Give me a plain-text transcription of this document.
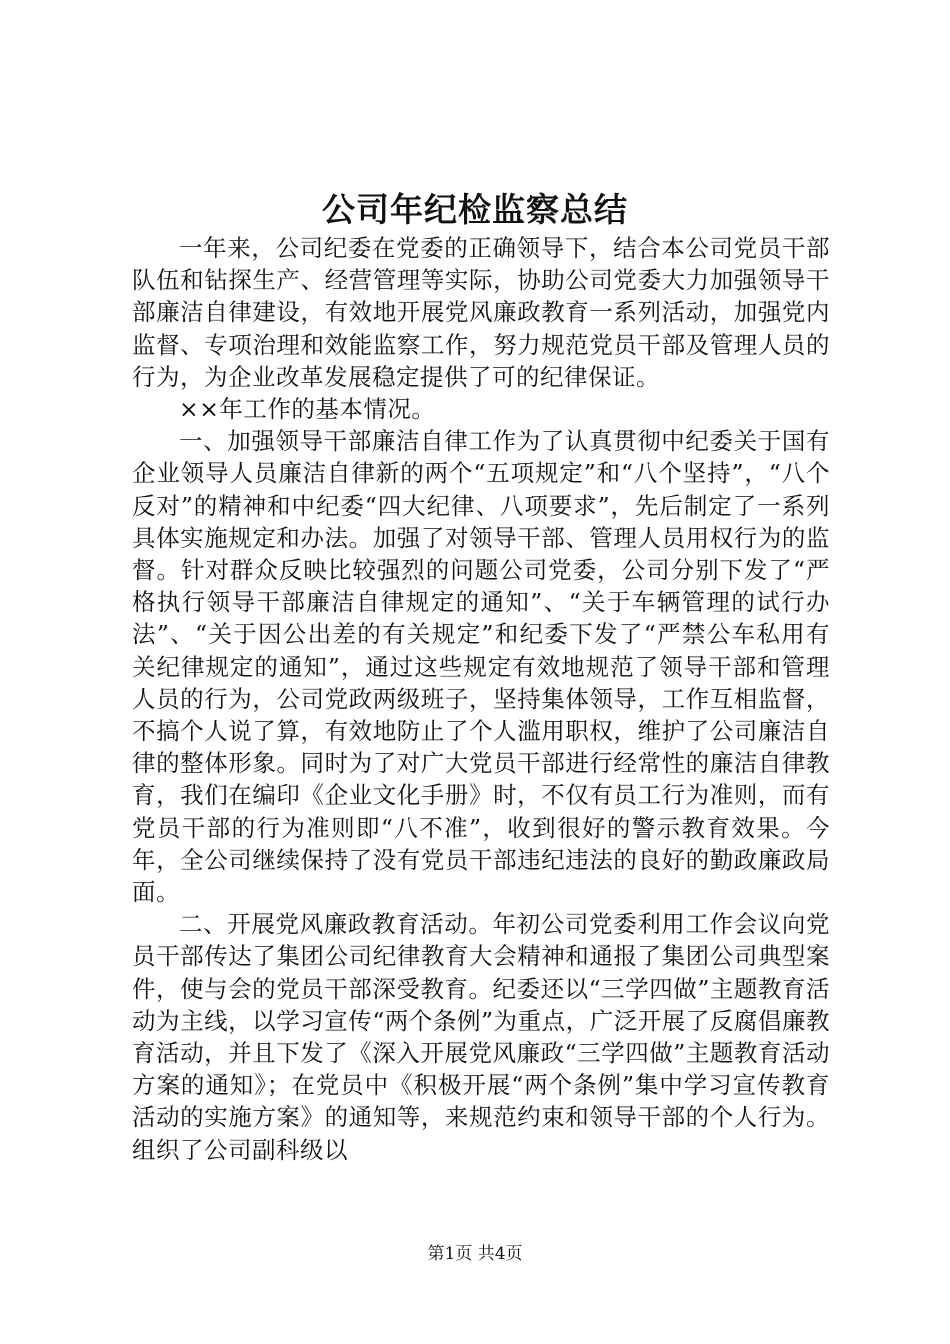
公司年纪检监察总结

一年来，公司纪委在党委的正确领导下，结合本公司党员干部队伍和钻探生产、经营管理等实际，协助公司党委大力加强领导干部廉洁自律建设，有效地开展党风廉政教育一系列活动，加强党内监督、专项治理和效能监察工作，努力规范党员干部及管理人员的行为，为企业改革发展稳定提供了可的纪律保证。

××年工作的基本情况。

一、加强领导干部廉洁自律工作为了认真贯彻中纪委关于国有企业领导人员廉洁自律新的两个“五项规定”和“八个坚持”，“八个反对”的精神和中纪委“四大纪律、八项要求”，先后制定了一系列具体实施规定和办法。加强了对领导干部、管理人员用权行为的监督。针对群众反映比较强烈的问题公司党委，公司分别下发了“严格执行领导干部廉洁自律规定的通知”、“关于车辆管理的试行办法”、“关于因公出差的有关规定”和纪委下发了“严禁公车私用有关纪律规定的通知”，通过这些规定有效地规范了领导干部和管理人员的行为，公司党政两级班子，坚持集体领导，工作互相监督，不搞个人说了算，有效地防止了个人滥用职权，维护了公司廉洁自律的整体形象。同时为了对广大党员干部进行经常性的廉洁自律教育，我们在编印《企业文化手册》时，不仅有员工行为准则，而有党员干部的行为准则即“八不准”，收到很好的警示教育效果。今年，全公司继续保持了没有党员干部违纪违法的良好的勤政廉政局面。

二、开展党风廉政教育活动。年初公司党委利用工作会议向党员干部传达了集团公司纪律教育大会精神和通报了集团公司典型案件，使与会的党员干部深受教育。纪委还以“三学四做”主题教育活动为主线，以学习宣传“两个条例”为重点，广泛开展了反腐倡廉教育活动，并且下发了《深入开展党风廉政“三学四做”主题教育活动方案的通知》；在党员中《积极开展“两个条例”集中学习宣传教育活动的实施方案》的通知等，来规范约束和领导干部的个人行为。组织了公司副科级以

第1页 共4页
